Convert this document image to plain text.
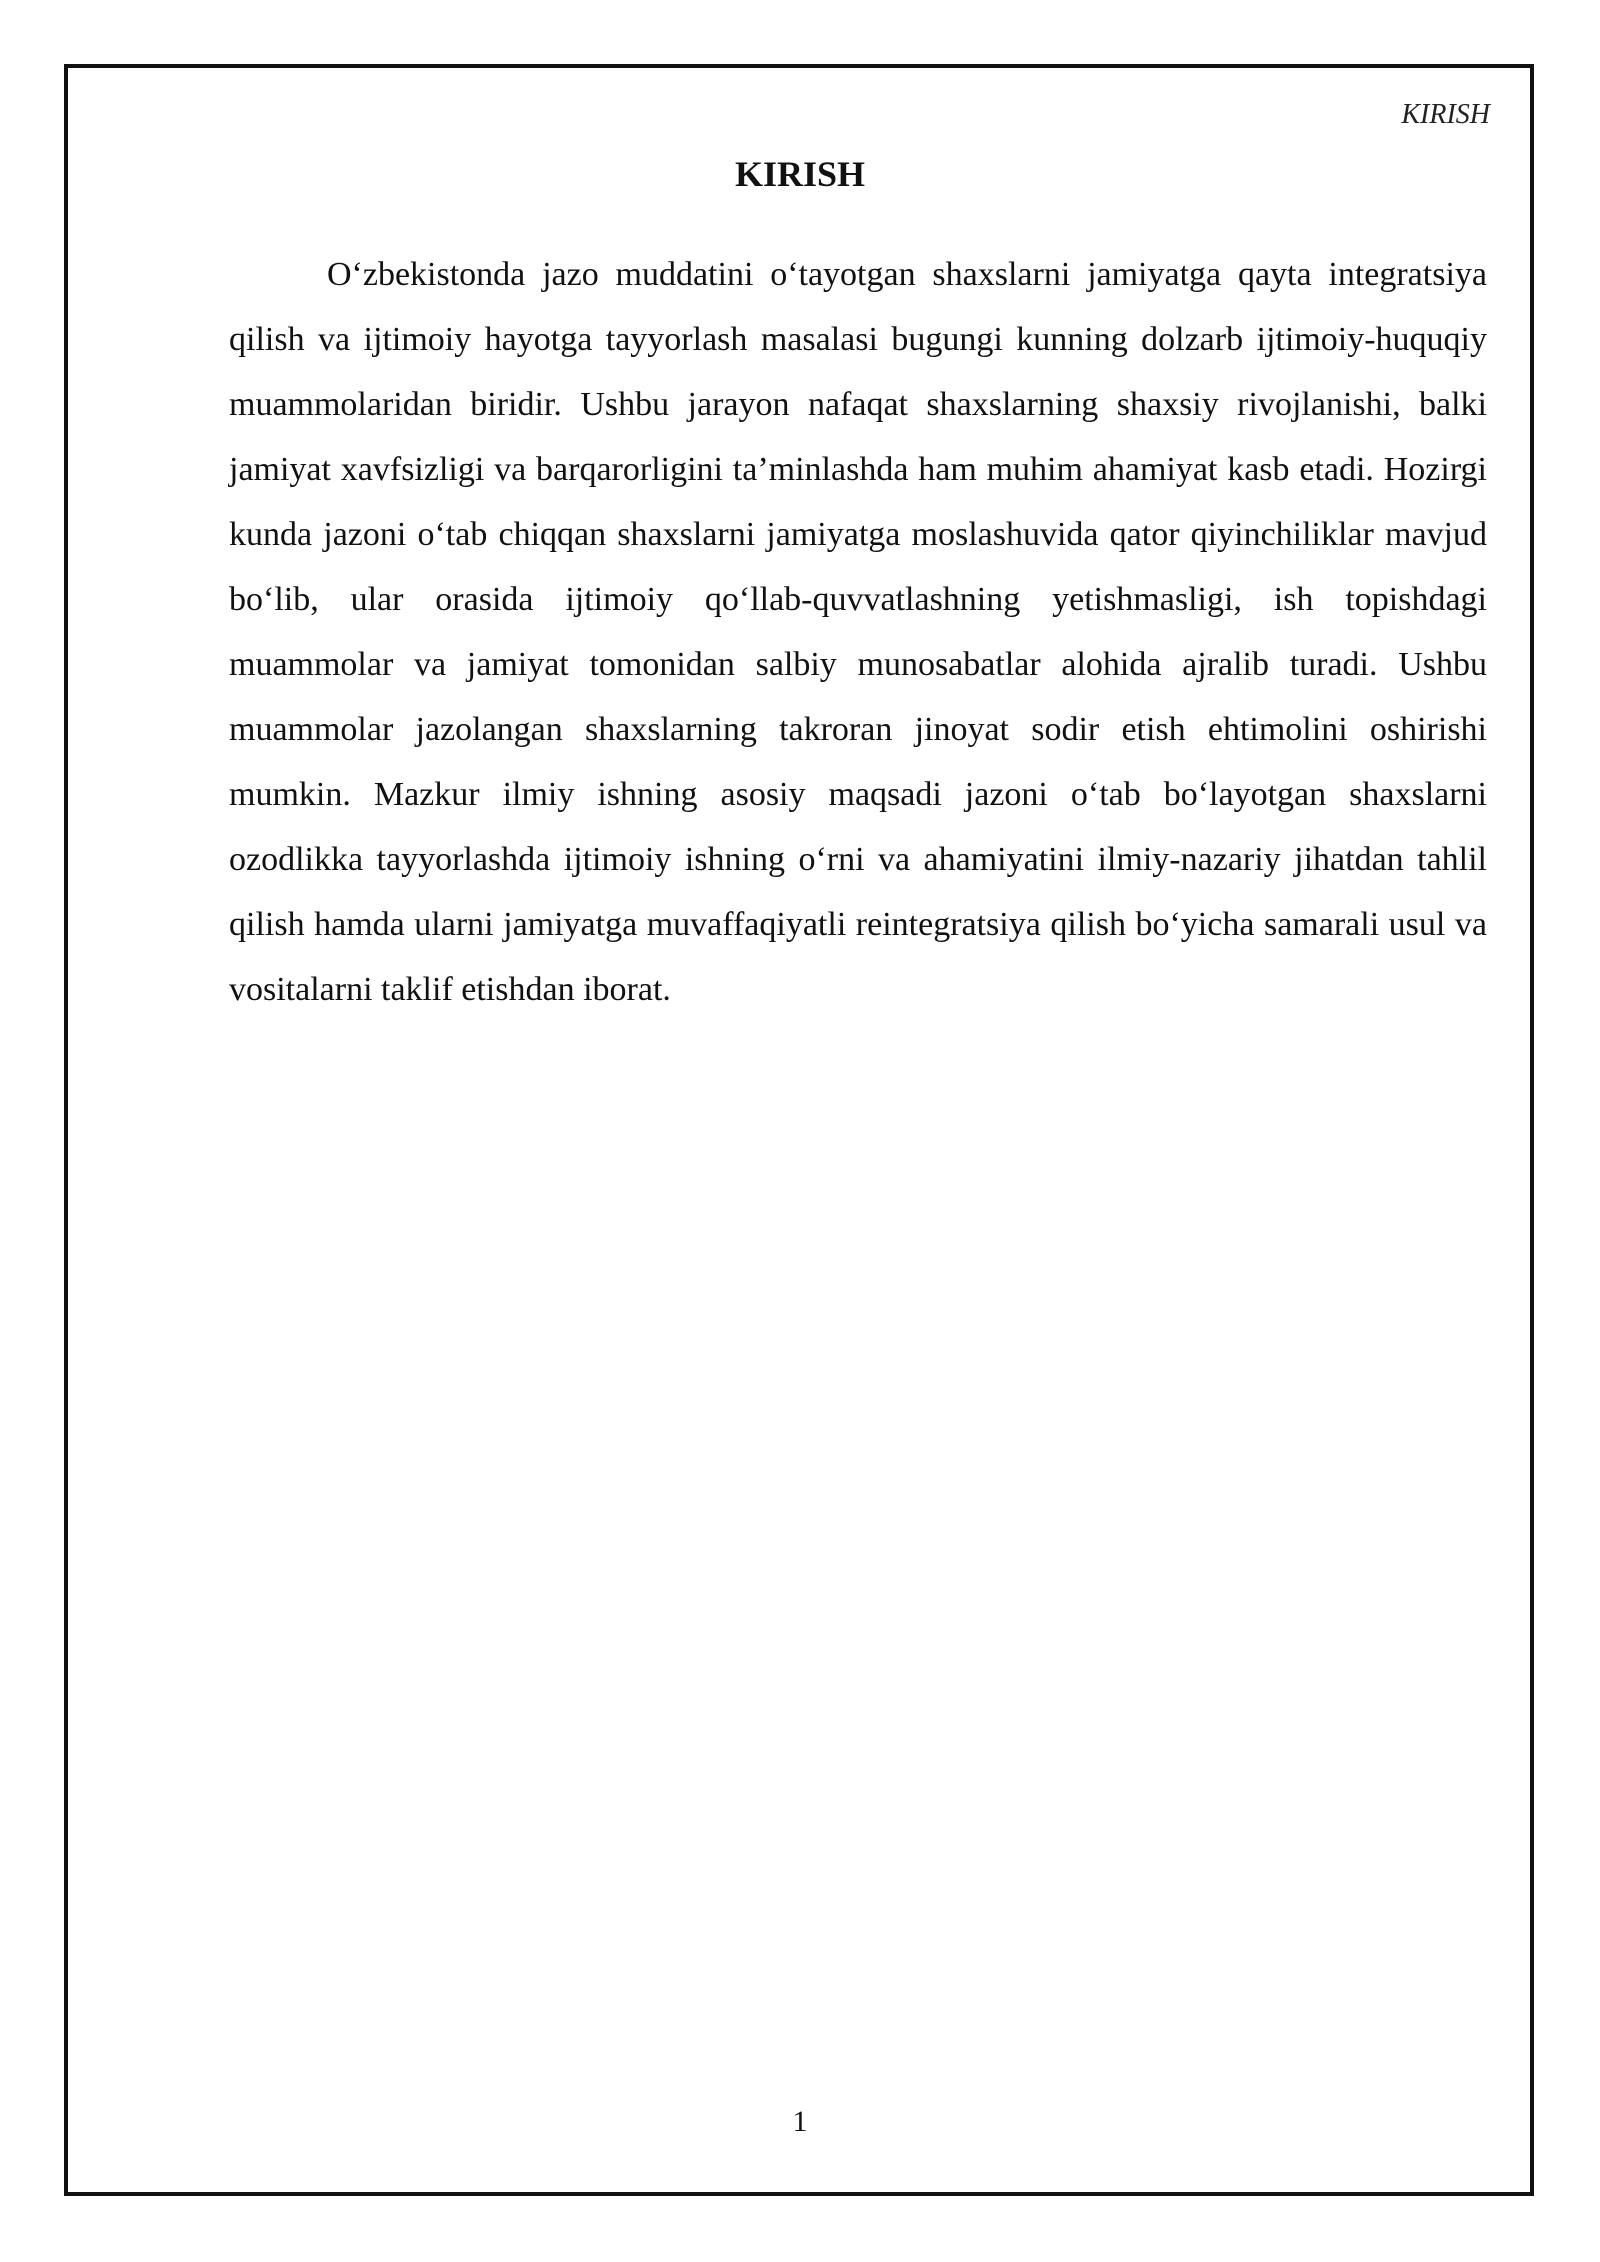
KIRISH
KIRISH

O‘zbekistonda jazo muddatini o‘tayotgan shaxslarni jamiyatga qayta integratsiya qilish va ijtimoiy hayotga tayyorlash masalasi bugungi kunning dolzarb ijtimoiy-huquqiy muammolaridan biridir. Ushbu jarayon nafaqat shaxslarning shaxsiy rivojlanishi, balki jamiyat xavfsizligi va barqarorligini ta’minlashda ham muhim ahamiyat kasb etadi. Hozirgi kunda jazoni o‘tab chiqqan shaxslarni jamiyatga moslashuvida qator qiyinchiliklar mavjud bo‘lib, ular orasida ijtimoiy qo‘llab-quvvatlashning yetishmasligi, ish topishdagi muammolar va jamiyat tomonidan salbiy munosabatlar alohida ajralib turadi. Ushbu muammolar jazolangan shaxslarning takroran jinoyat sodir etish ehtimolini oshirishi mumkin. Mazkur ilmiy ishning asosiy maqsadi jazoni o‘tab bo‘layotgan shaxslarni ozodlikka tayyorlashda ijtimoiy ishning o‘rni va ahamiyatini ilmiy-nazariy jihatdan tahlil qilish hamda ularni jamiyatga muvaffaqiyatli reintegratsiya qilish bo‘yicha samarali usul va vositalarni taklif etishdan iborat.

1
